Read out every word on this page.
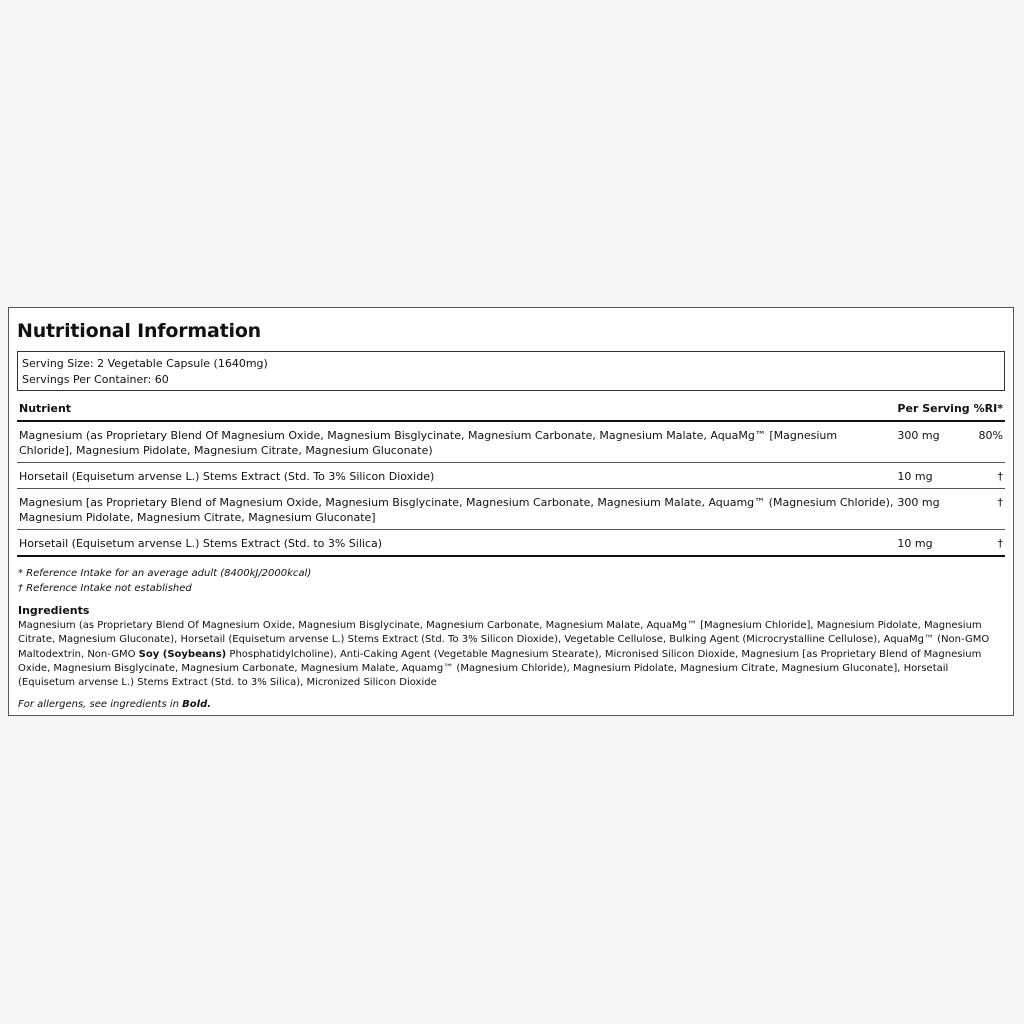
Nutritional Information
Serving Size: 2 Vegetable Capsule (1640mg)
Servings Per Container: 60
Nutrient	Per Serving	%RI*
Magnesium (as Proprietary Blend Of Magnesium Oxide, Magnesium Bisglycinate, Magnesium Carbonate, Magnesium Malate, AquaMg™ [Magnesium Chloride], Magnesium Pidolate, Magnesium Citrate, Magnesium Gluconate)	300 mg	80%
Horsetail (Equisetum arvense L.) Stems Extract (Std. To 3% Silicon Dioxide)	10 mg	†
Magnesium [as Proprietary Blend of Magnesium Oxide, Magnesium Bisglycinate, Magnesium Carbonate, Magnesium Malate, Aquamg™ (Magnesium Chloride), Magnesium Pidolate, Magnesium Citrate, Magnesium Gluconate]	300 mg	†
Horsetail (Equisetum arvense L.) Stems Extract (Std. to 3% Silica)	10 mg	†
* Reference Intake for an average adult (8400kJ/2000kcal)
† Reference Intake not established
Ingredients
Magnesium (as Proprietary Blend Of Magnesium Oxide, Magnesium Bisglycinate, Magnesium Carbonate, Magnesium Malate, AquaMg™ [Magnesium Chloride], Magnesium Pidolate, Magnesium Citrate, Magnesium Gluconate), Horsetail (Equisetum arvense L.) Stems Extract (Std. To 3% Silicon Dioxide), Vegetable Cellulose, Bulking Agent (Microcrystalline Cellulose), AquaMg™ (Non-GMO Maltodextrin, Non-GMO Soy (Soybeans) Phosphatidylcholine), Anti-Caking Agent (Vegetable Magnesium Stearate), Micronised Silicon Dioxide, Magnesium [as Proprietary Blend of Magnesium Oxide, Magnesium Bisglycinate, Magnesium Carbonate, Magnesium Malate, Aquamg™ (Magnesium Chloride), Magnesium Pidolate, Magnesium Citrate, Magnesium Gluconate], Horsetail (Equisetum arvense L.) Stems Extract (Std. to 3% Silica), Micronized Silicon Dioxide
For allergens, see ingredients in Bold.
